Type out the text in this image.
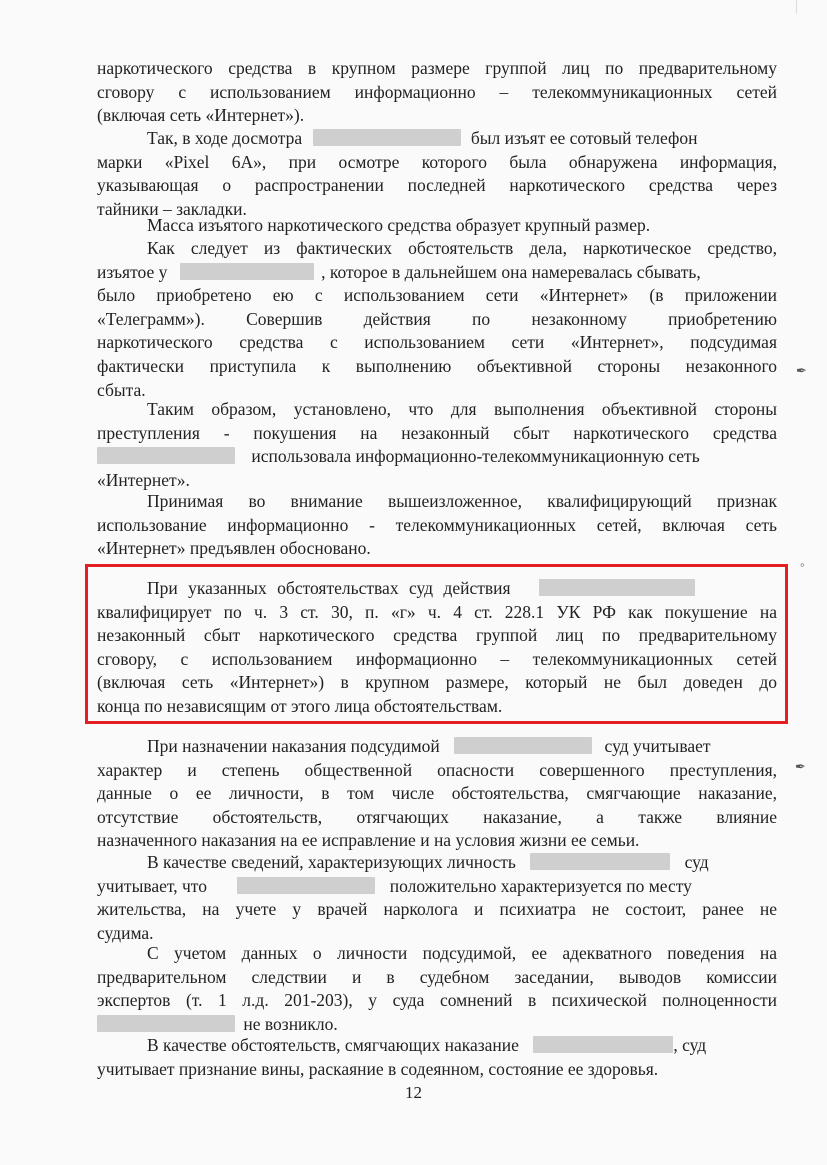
наркотического средства в крупном размере группой лиц по предварительному
сговору с использованием информационно – телекоммуникационных сетей
(включая сеть «Интернет»).
Так, в ходе досмотра	был изъят ее сотовый телефон
марки «Pixel 6A», при осмотре которого была обнаружена информация,
указывающая о распространении последней наркотического средства через
тайники – закладки.
Масса изъятого наркотического средства образует крупный размер.
Как следует из фактических обстоятельств дела, наркотическое средство,
изъятое у	, которое в дальнейшем она намеревалась сбывать,
было приобретено ею с использованием сети «Интернет» (в приложении
«Телеграмм»). Совершив действия по незаконному приобретению
наркотического средства с использованием сети «Интернет», подсудимая
фактически приступила к выполнению объективной стороны незаконного
сбыта.
Таким образом, установлено, что для выполнения объективной стороны
преступления - покушения на незаконный сбыт наркотического средства
использовала информационно-телекоммуникационную сеть
«Интернет».
Принимая во внимание вышеизложенное, квалифицирующий признак
использование информационно - телекоммуникационных сетей, включая сеть
«Интернет» предъявлен обосновано.
При указанных обстоятельствах суд действия
квалифицирует по ч. 3 ст. 30, п. «г» ч. 4 ст. 228.1 УК РФ как покушение на
незаконный сбыт наркотического средства группой лиц по предварительному
сговору, с использованием информационно – телекоммуникационных сетей
(включая сеть «Интернет») в крупном размере, который не был доведен до
конца по независящим от этого лица обстоятельствам.
При назначении наказания подсудимой	суд учитывает
характер и степень общественной опасности совершенного преступления,
данные о ее личности, в том числе обстоятельства, смягчающие наказание,
отсутствие обстоятельств, отягчающих наказание, а также влияние
назначенного наказания на ее исправление и на условия жизни ее семьи.
В качестве сведений, характеризующих личность	суд
учитывает, что	положительно характеризуется по месту
жительства, на учете у врачей нарколога и психиатра не состоит, ранее не
судима.
С учетом данных о личности подсудимой, ее адекватного поведения на
предварительном следствии и в судебном заседании, выводов комиссии
экспертов (т. 1 л.д. 201-203), у суда сомнений в психической полноценности
не возникло.
В качестве обстоятельств, смягчающих наказание	, суд
учитывает признание вины, раскаяние в содеянном, состояние ее здоровья.
12
✒
◦
✒
